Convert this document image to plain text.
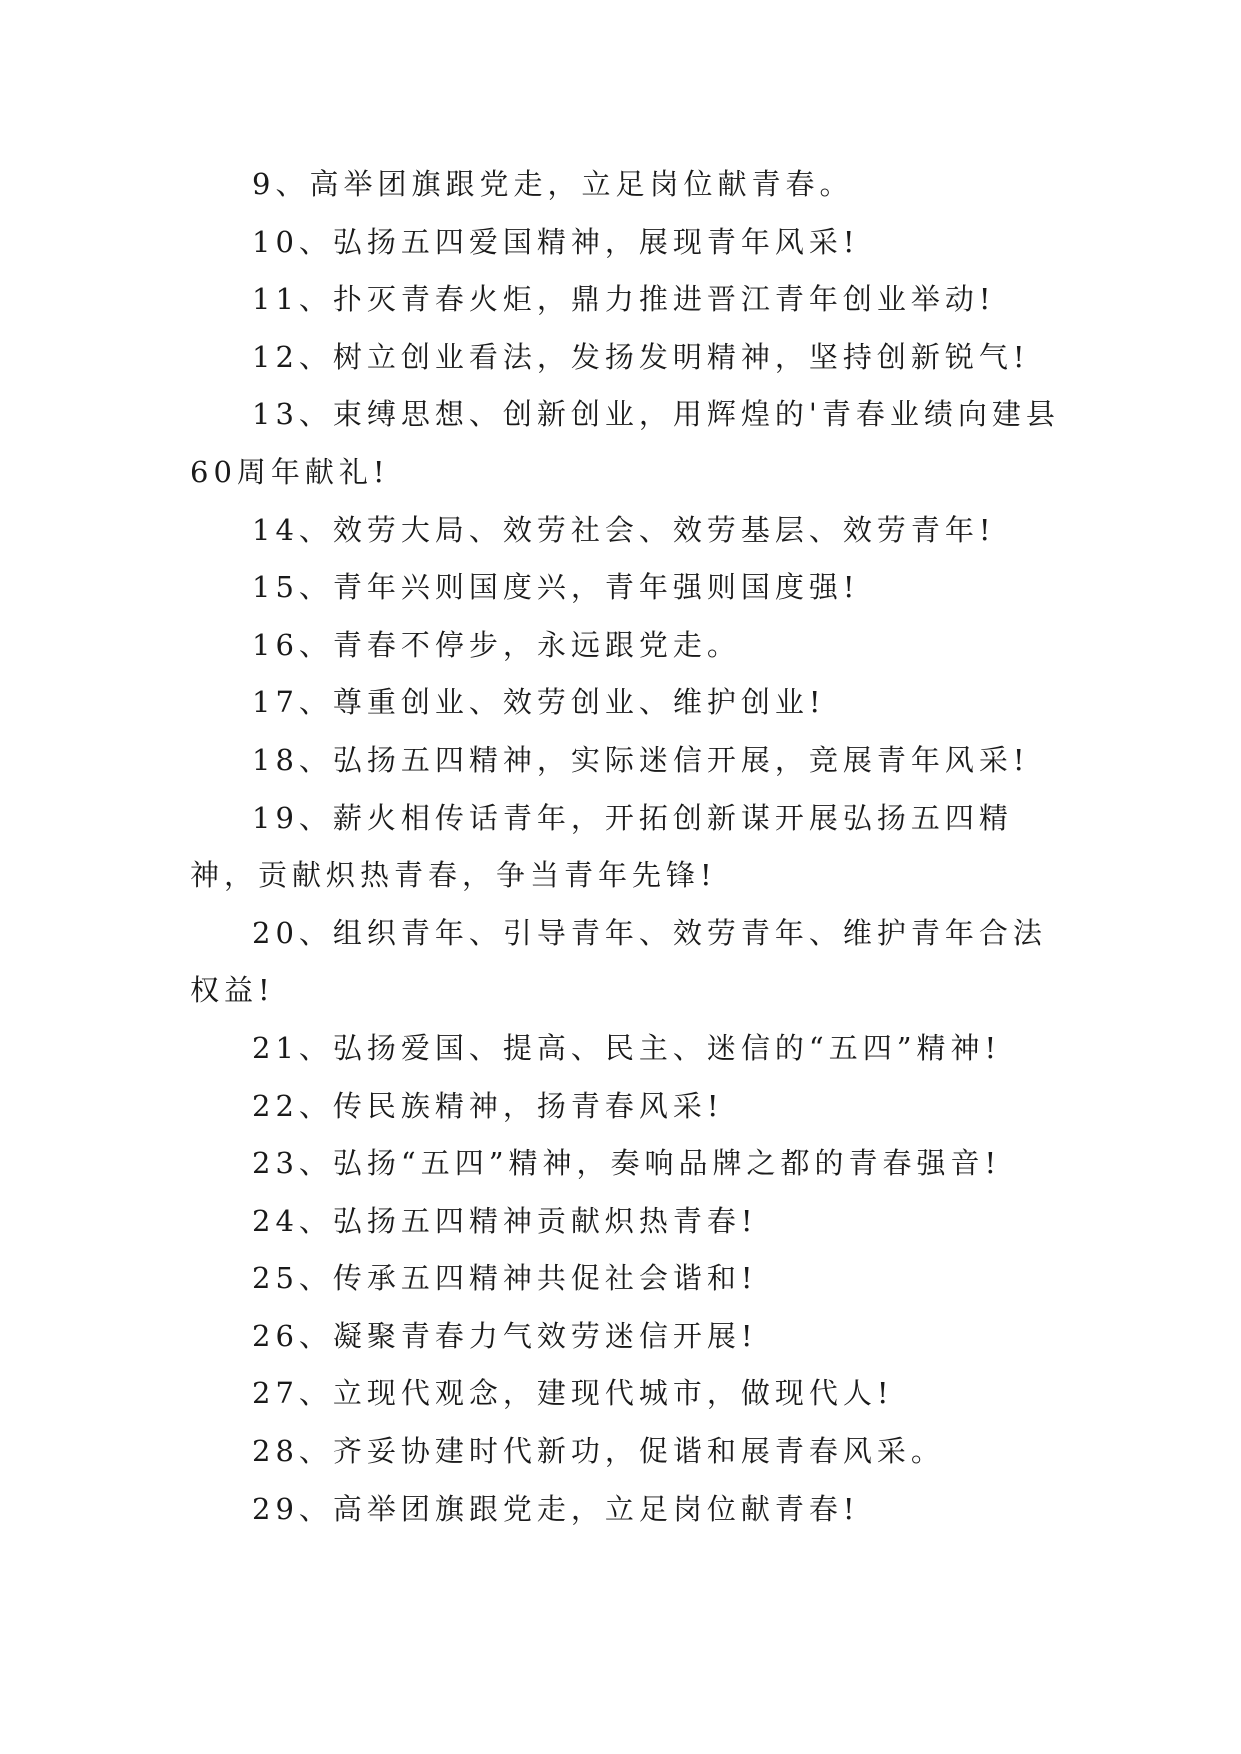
9、高举团旗跟党走，立足岗位献青春。

10、弘扬五四爱国精神，展现青年风采!

11、扑灭青春火炬，鼎力推进晋江青年创业举动!

12、树立创业看法，发扬发明精神，坚持创新锐气!

13、束缚思想、创新创业，用辉煌的'青春业绩向建县60周年献礼!

14、效劳大局、效劳社会、效劳基层、效劳青年!

15、青年兴则国度兴，青年强则国度强!

16、青春不停步，永远跟党走。

17、尊重创业、效劳创业、维护创业!

18、弘扬五四精神，实际迷信开展，竞展青年风采!

19、薪火相传话青年，开拓创新谋开展弘扬五四精神，贡献炽热青春，争当青年先锋!

20、组织青年、引导青年、效劳青年、维护青年合法权益!

21、弘扬爱国、提高、民主、迷信的“五四”精神!

22、传民族精神，扬青春风采!

23、弘扬“五四”精神，奏响品牌之都的青春强音!

24、弘扬五四精神贡献炽热青春!

25、传承五四精神共促社会谐和!

26、凝聚青春力气效劳迷信开展!

27、立现代观念，建现代城市，做现代人!

28、齐妥协建时代新功，促谐和展青春风采。

29、高举团旗跟党走，立足岗位献青春!
